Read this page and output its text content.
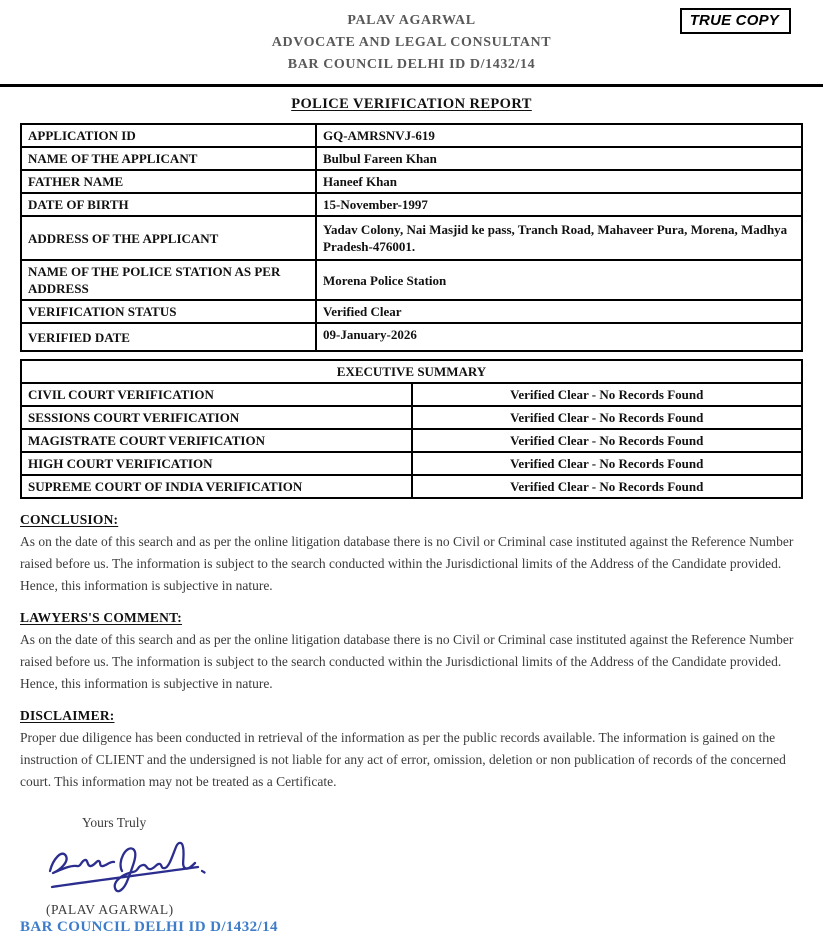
PALAV AGARWAL
ADVOCATE AND LEGAL CONSULTANT
BAR COUNCIL DELHI ID D/1432/14
TRUE COPY
POLICE VERIFICATION REPORT
APPLICATION ID	GQ-AMRSNVJ-619
NAME OF THE APPLICANT	Bulbul Fareen Khan
FATHER NAME	Haneef Khan
DATE OF BIRTH	15-November-1997
ADDRESS OF THE APPLICANT	Yadav Colony, Nai Masjid ke pass, Tranch Road, Mahaveer Pura, Morena, Madhya Pradesh-476001.
NAME OF THE POLICE STATION AS PER ADDRESS	Morena Police Station
VERIFICATION STATUS	Verified Clear
VERIFIED DATE	09-January-2026
EXECUTIVE SUMMARY	
CIVIL COURT VERIFICATION	Verified Clear - No Records Found
SESSIONS COURT VERIFICATION	Verified Clear - No Records Found
MAGISTRATE COURT VERIFICATION	Verified Clear - No Records Found
HIGH COURT VERIFICATION	Verified Clear - No Records Found
SUPREME COURT OF INDIA VERIFICATION	Verified Clear - No Records Found
CONCLUSION:
As on the date of this search and as per the online litigation database there is no Civil or Criminal case instituted against the Reference Number raised before us. The information is subject to the search conducted within the Jurisdictional limits of the Address of the Candidate provided. Hence, this information is subjective in nature.
LAWYERS'S COMMENT:
As on the date of this search and as per the online litigation database there is no Civil or Criminal case instituted against the Reference Number raised before us. The information is subject to the search conducted within the Jurisdictional limits of the Address of the Candidate provided. Hence, this information is subjective in nature.
DISCLAIMER:
Proper due diligence has been conducted in retrieval of the information as per the public records available. The information is gained on the instruction of CLIENT and the undersigned is not liable for any act of error, omission, deletion or non publication of records of the concerned court. This information may not be treated as a Certificate.
Yours Truly
(PALAV AGARWAL)
BAR COUNCIL DELHI ID D/1432/14
